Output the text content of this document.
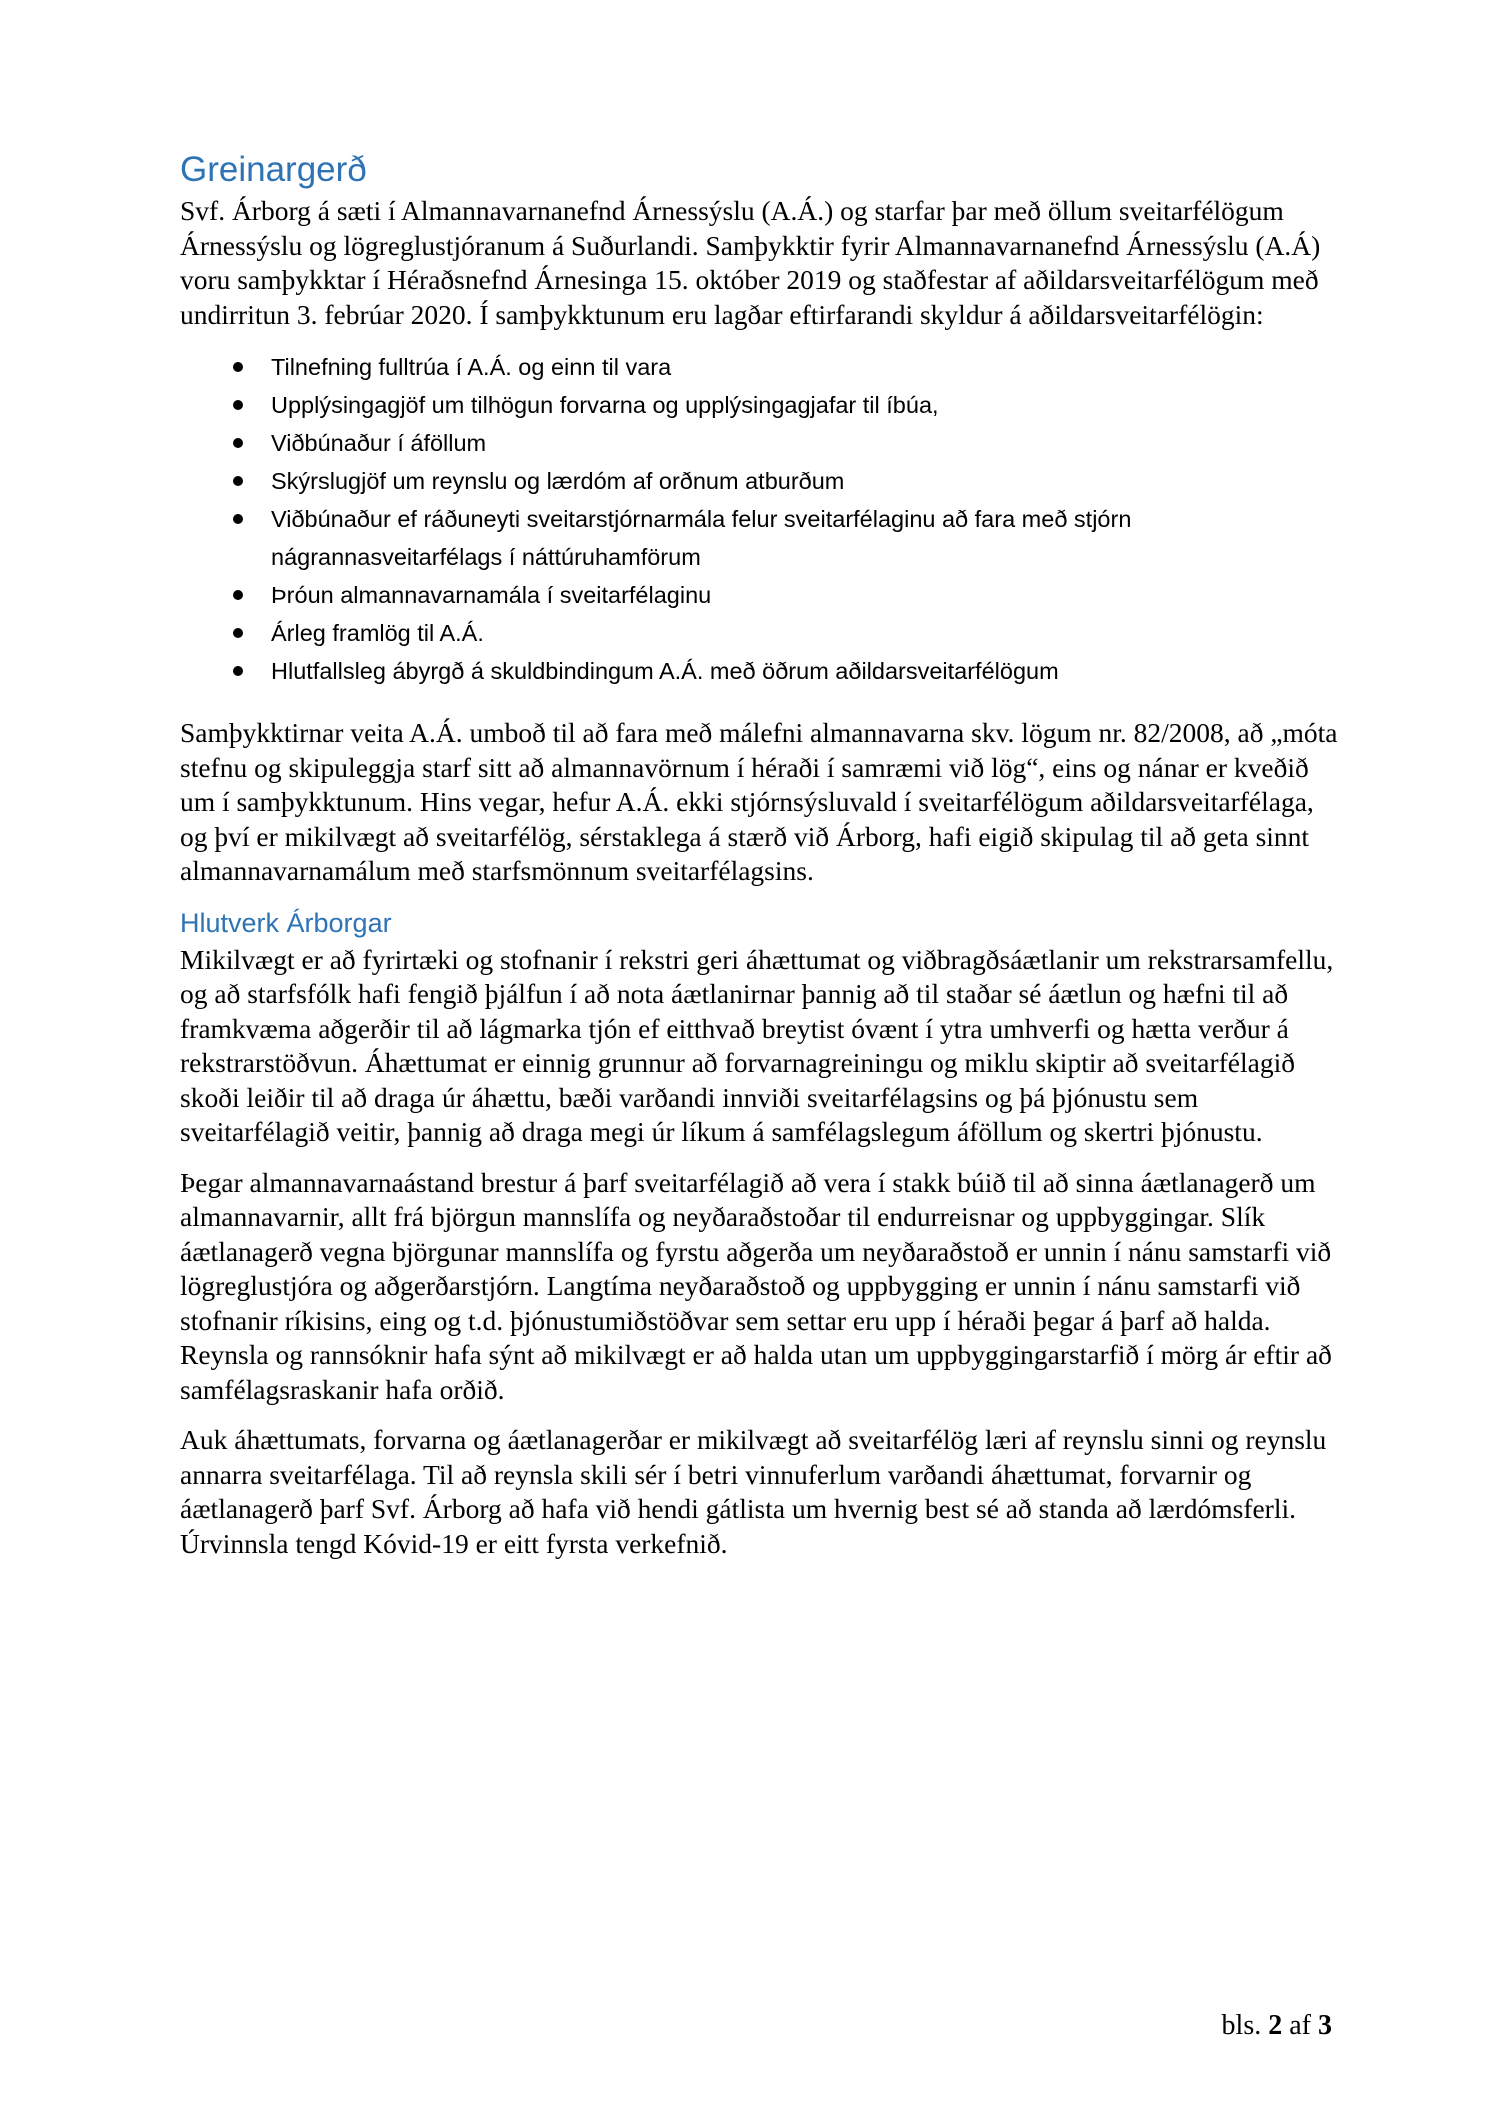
Greinargerð

Svf. Árborg á sæti í Almannavarnanefnd Árnessýslu (A.Á.) og starfar þar með öllum sveitarfélögum Árnessýslu og lögreglustjóranum á Suðurlandi. Samþykktir fyrir Almannavarnanefnd Árnessýslu (A.Á) voru samþykktar í Héraðsnefnd Árnesinga 15. október 2019 og staðfestar af aðildarsveitarfélögum með undirritun 3. febrúar 2020. Í samþykktunum eru lagðar eftirfarandi skyldur á aðildarsveitarfélögin:

Tilnefning fulltrúa í A.Á. og einn til vara
Upplýsingagjöf um tilhögun forvarna og upplýsingagjafar til íbúa,
Viðbúnaður í áföllum
Skýrslugjöf um reynslu og lærdóm af orðnum atburðum
Viðbúnaður ef ráðuneyti sveitarstjórnarmála felur sveitarfélaginu að fara með stjórn nágrannasveitarfélags í náttúruhamförum
Þróun almannavarnamála í sveitarfélaginu
Árleg framlög til A.Á.
Hlutfallsleg ábyrgð á skuldbindingum A.Á. með öðrum aðildarsveitarfélögum

Samþykktirnar veita A.Á. umboð til að fara með málefni almannavarna skv. lögum nr. 82/2008, að „móta stefnu og skipuleggja starf sitt að almannavörnum í héraði í samræmi við lög“, eins og nánar er kveðið um í samþykktunum. Hins vegar, hefur A.Á. ekki stjórnsýsluvald í sveitarfélögum aðildarsveitarfélaga, og því er mikilvægt að sveitarfélög, sérstaklega á stærð við Árborg, hafi eigið skipulag til að geta sinnt almannavarnamálum með starfsmönnum sveitarfélagsins.

Hlutverk Árborgar

Mikilvægt er að fyrirtæki og stofnanir í rekstri geri áhættumat og viðbragðsáætlanir um rekstrarsamfellu, og að starfsfólk hafi fengið þjálfun í að nota áætlanirnar þannig að til staðar sé áætlun og hæfni til að framkvæma aðgerðir til að lágmarka tjón ef eitthvað breytist óvænt í ytra umhverfi og hætta verður á rekstrarstöðvun. Áhættumat er einnig grunnur að forvarnagreiningu og miklu skiptir að sveitarfélagið skoði leiðir til að draga úr áhættu, bæði varðandi innviði sveitarfélagsins og þá þjónustu sem sveitarfélagið veitir, þannig að draga megi úr líkum á samfélagslegum áföllum og skertri þjónustu.

Þegar almannavarnaástand brestur á þarf sveitarfélagið að vera í stakk búið til að sinna áætlanagerð um almannavarnir, allt frá björgun mannslífa og neyðaraðstoðar til endurreisnar og uppbyggingar. Slík áætlanagerð vegna björgunar mannslífa og fyrstu aðgerða um neyðaraðstoð er unnin í nánu samstarfi við lögreglustjóra og aðgerðarstjórn. Langtíma neyðaraðstoð og uppbygging er unnin í nánu samstarfi við stofnanir ríkisins, eing og t.d. þjónustumiðstöðvar sem settar eru upp í héraði þegar á þarf að halda. Reynsla og rannsóknir hafa sýnt að mikilvægt er að halda utan um uppbyggingarstarfið í mörg ár eftir að samfélagsraskanir hafa orðið.

Auk áhættumats, forvarna og áætlanagerðar er mikilvægt að sveitarfélög læri af reynslu sinni og reynslu annarra sveitarfélaga. Til að reynsla skili sér í betri vinnuferlum varðandi áhættumat, forvarnir og áætlanagerð þarf Svf. Árborg að hafa við hendi gátlista um hvernig best sé að standa að lærdómsferli. Úrvinnsla tengd Kóvid-19 er eitt fyrsta verkefnið.

bls. 2 af 3
